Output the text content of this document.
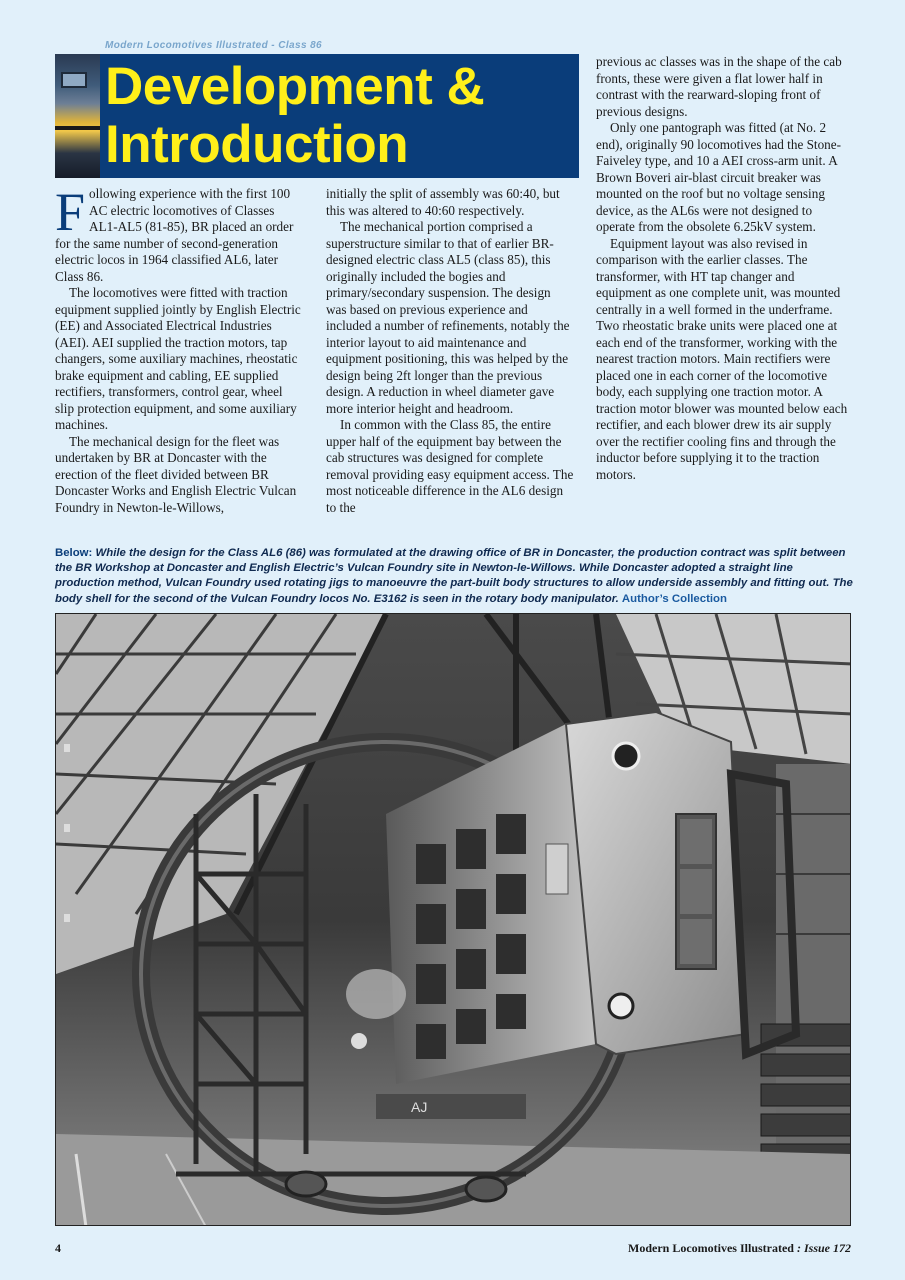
Modern Locomotives Illustrated - Class 86
Development &
Introduction

Following experience with the first 100 AC electric locomotives of Classes AL1-AL5 (81-85), BR placed an order for the same number of second-generation electric locos in 1964 classified AL6, later Class 86.

The locomotives were fitted with traction equipment supplied jointly by English Electric (EE) and Associated Electrical Industries (AEI). AEI supplied the traction motors, tap changers, some auxiliary machines, rheostatic brake equipment and cabling, EE supplied rectifiers, transformers, control gear, wheel slip protection equipment, and some auxiliary machines.

The mechanical design for the fleet was undertaken by BR at Doncaster with the erection of the fleet divided between BR Doncaster Works and English Electric Vulcan Foundry in Newton-le-Willows,

initially the split of assembly was 60:40, but this was altered to 40:60 respectively.

The mechanical portion comprised a superstructure similar to that of earlier BR-designed electric class AL5 (class 85), this originally included the bogies and primary/secondary suspension. The design was based on previous experience and included a number of refinements, notably the interior layout to aid maintenance and equipment positioning, this was helped by the design being 2ft longer than the previous design. A reduction in wheel diameter gave more interior height and headroom.

In common with the Class 85, the entire upper half of the equipment bay between the cab structures was designed for complete removal providing easy equipment access. The most noticeable difference in the AL6 design to the

previous ac classes was in the shape of the cab fronts, these were given a flat lower half in contrast with the rearward-sloping front of previous designs.

Only one pantograph was fitted (at No. 2 end), originally 90 locomotives had the Stone-Faiveley type, and 10 a AEI cross-arm unit. A Brown Boveri air-blast circuit breaker was mounted on the roof but no voltage sensing device, as the AL6s were not designed to operate from the obsolete 6.25kV system.

Equipment layout was also revised in comparison with the earlier classes. The transformer, with HT tap changer and equipment as one complete unit, was mounted centrally in a well formed in the underframe. Two rheostatic brake units were placed one at each end of the transformer, working with the nearest traction motors. Main rectifiers were placed one in each corner of the locomotive body, each supplying one traction motor. A traction motor blower was mounted below each rectifier, and each blower drew its air supply over the rectifier cooling fins and through the inductor before supplying it to the traction motors.

Below: While the design for the Class AL6 (86) was formulated at the drawing office of BR in Doncaster, the production contract was split between the BR Workshop at Doncaster and English Electric’s Vulcan Foundry site in Newton-le-Willows. While Doncaster adopted a straight line production method, Vulcan Foundry used rotating jigs to manoeuvre the part-built body structures to allow underside assembly and fitting out. The body shell for the second of the Vulcan Foundry locos No. E3162 is seen in the rotary body manipulator. Author’s Collection
AJ
4	Modern Locomotives Illustrated : Issue 172
